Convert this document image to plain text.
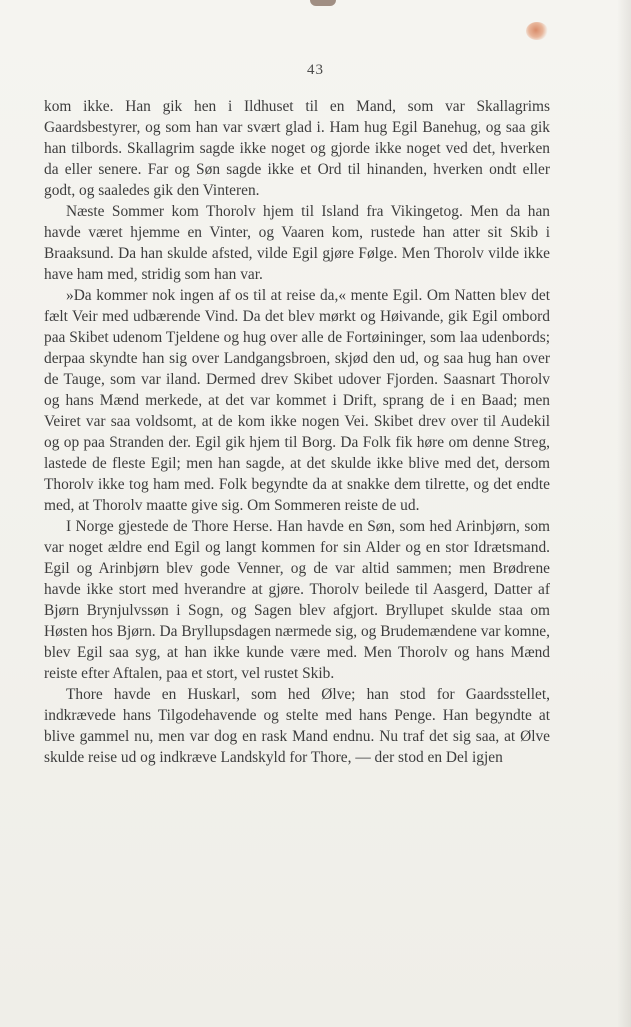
43

kom ikke. Han gik hen i Ildhuset til en Mand, som var Skallagrims Gaardsbestyrer, og som han var svært glad i. Ham hug Egil Banehug, og saa gik han tilbords. Skallagrim sagde ikke noget og gjorde ikke noget ved det, hverken da eller senere. Far og Søn sagde ikke et Ord til hinanden, hverken ondt eller godt, og saaledes gik den Vinteren.

Næste Sommer kom Thorolv hjem til Island fra Vikingetog. Men da han havde været hjemme en Vinter, og Vaaren kom, rustede han atter sit Skib i Braaksund. Da han skulde afsted, vilde Egil gjøre Følge. Men Thorolv vilde ikke have ham med, stridig som han var.

»Da kommer nok ingen af os til at reise da,« mente Egil. Om Natten blev det fælt Veir med udbærende Vind. Da det blev mørkt og Høivande, gik Egil ombord paa Skibet udenom Tjeldene og hug over alle de Fortøininger, som laa udenbords; derpaa skyndte han sig over Landgangsbroen, skjød den ud, og saa hug han over de Tauge, som var iland. Dermed drev Skibet udover Fjorden. Saasnart Thorolv og hans Mænd merkede, at det var kommet i Drift, sprang de i en Baad; men Veiret var saa voldsomt, at de kom ikke nogen Vei. Skibet drev over til Audekil og op paa Stranden der. Egil gik hjem til Borg. Da Folk fik høre om denne Streg, lastede de fleste Egil; men han sagde, at det skulde ikke blive med det, dersom Thorolv ikke tog ham med. Folk begyndte da at snakke dem tilrette, og det endte med, at Thorolv maatte give sig. Om Sommeren reiste de ud.

I Norge gjestede de Thore Herse. Han havde en Søn, som hed Arinbjørn, som var noget ældre end Egil og langt kommen for sin Alder og en stor Idrætsmand. Egil og Arinbjørn blev gode Venner, og de var altid sammen; men Brødrene havde ikke stort med hverandre at gjøre. Thorolv beilede til Aasgerd, Datter af Bjørn Brynjulvssøn i Sogn, og Sagen blev afgjort. Bryllupet skulde staa om Høsten hos Bjørn. Da Bryllupsdagen nærmede sig, og Brudemændene var komne, blev Egil saa syg, at han ikke kunde være med. Men Thorolv og hans Mænd reiste efter Aftalen, paa et stort, vel rustet Skib.

Thore havde en Huskarl, som hed Ølve; han stod for Gaardsstellet, indkrævede hans Tilgodehavende og stelte med hans Penge. Han begyndte at blive gammel nu, men var dog en rask Mand endnu. Nu traf det sig saa, at Ølve skulde reise ud og indkræve Landskyld for Thore, — der stod en Del igjen
